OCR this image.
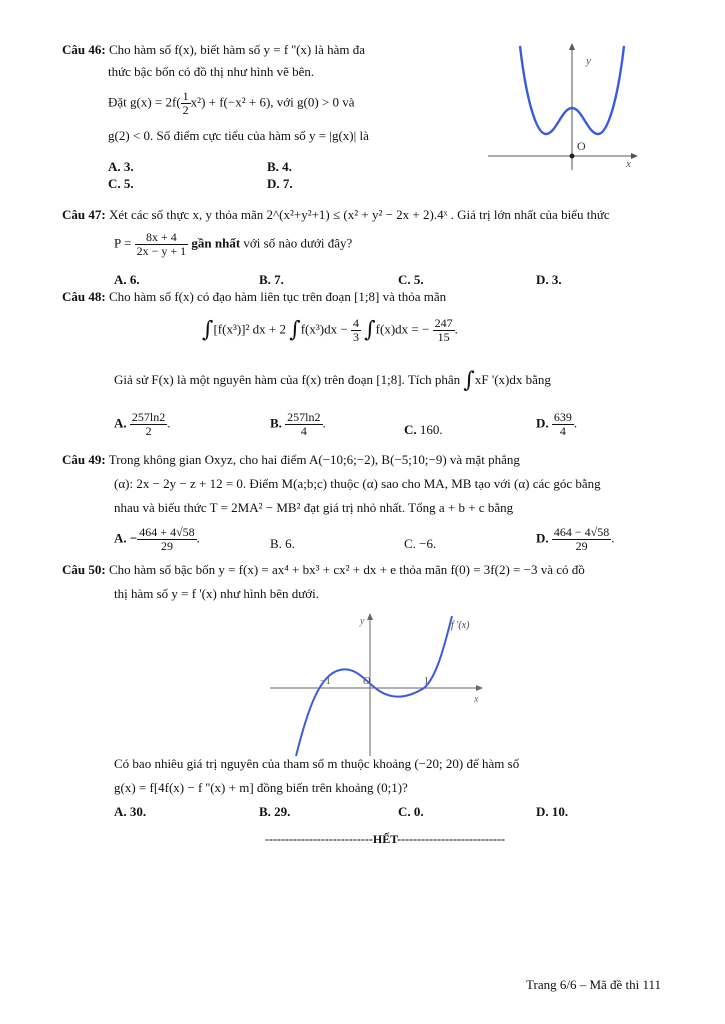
Câu 46: Cho hàm số f(x), biết hàm số y = f ''(x) là hàm đa
thức bậc bốn có đồ thị như hình vẽ bên.
Đặt $g(x) = 2f( \frac{1}{2} x^2) + f(-x^2 + 6)$, với g(0) > 0 và
g(2) < 0. Số điểm cực tiểu của hàm số y = |g(x)| là
A. 3.	B. 4.
C. 5.	D. 7.
x
y
O
Câu 47: Xét các số thực x, y thỏa mãn 2^(x²+y²+1) ≤ (x² + y² − 2x + 2).4ˣ . Giá trị lớn nhất của biểu thức
$P = \frac{8x + 4}{2x - y + 1}$ gần nhất với số nào dưới đây?
A. 6.	B. 7.	C. 5.	D. 3.
Câu 48: Cho hàm số f(x) có đạo hàm liên tục trên đoạn [1;8] và thỏa mãn
∫[f(x³)]² dx + 2 $\int f(x^3)dx - \frac{4}{3} \int f(x)dx$ = − $\frac{247}{15}$ .
Giả sử F(x) là một nguyên hàm của f(x) trên đoạn [1;8]. Tích phân ∫xF '(x)dx bằng
A. $\frac{257\ln 2}{2}$ .	B. $\frac{257\ln 2}{4}$ .	C. 160.	D. $\frac{639}{4}$ .
Câu 49: Trong không gian Oxyz, cho hai điểm A(−10;6;−2), B(−5;10;−9) và mặt phẳng
(α): 2x − 2y − z + 12 = 0. Điểm M(a;b;c) thuộc (α) sao cho MA, MB tạo với (α) các góc bằng
nhau và biểu thức T = 2MA² − MB² đạt giá trị nhỏ nhất. Tổng a + b + c bằng
A. − $\frac{464 + 4√58}{29}$ .	B. 6.	C. −6.	D. $\frac{464 - 4√58}{29}$ .
Câu 50: Cho hàm số bậc bốn y = f(x) = ax⁴ + bx³ + cx² + dx + e thỏa mãn f(0) = 3f(2) = −3 và có đồ
thị hàm số y = f '(x) như hình bên dưới.
Có bao nhiêu giá trị nguyên của tham số m thuộc khoảng (−20; 20) để hàm số
g(x) = f[4f(x) − f ''(x) + m] đồng biến trên khoảng (0;1)?
A. 30.	B. 29.	C. 0.	D. 10.
y
x
f '(x)
−1	1
O
---------------------------HẾT---------------------------
Trang 6/6 – Mã đề thi 111
